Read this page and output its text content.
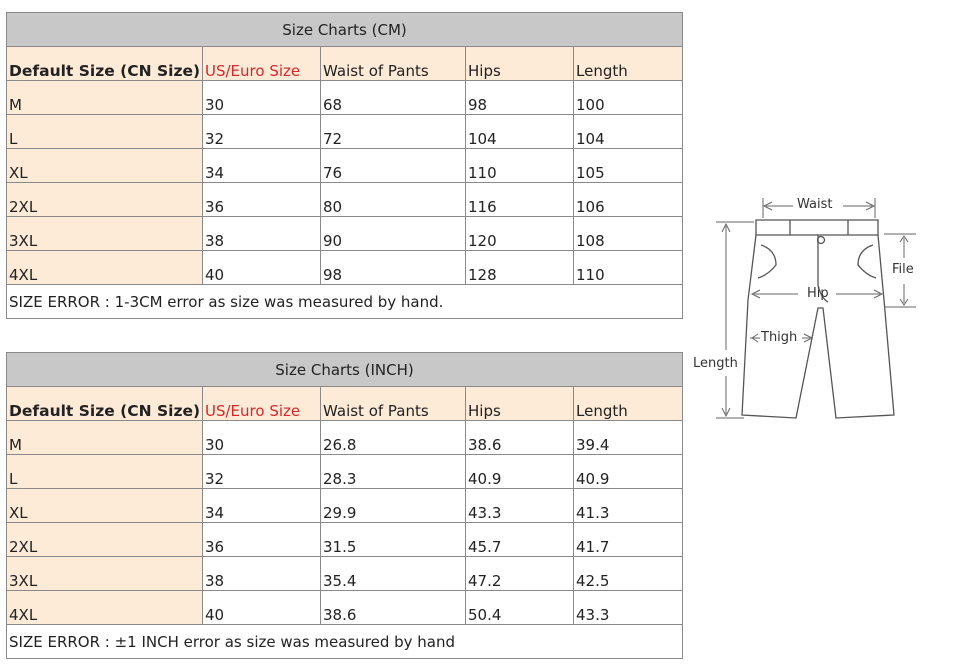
Size Charts (CM)				
Default Size (CN Size)	US/Euro Size	Waist of Pants	Hips	Length
M	30	68	98	100
L	32	72	104	104
XL	34	76	110	105
2XL	36	80	116	106
3XL	38	90	120	108
4XL	40	98	128	110
SIZE ERROR : 1-3CM error as size was measured by hand.				
Size Charts (INCH)				
Default Size (CN Size)	US/Euro Size	Waist of Pants	Hips	Length
M	30	26.8	38.6	39.4
L	32	28.3	40.9	40.9
XL	34	29.9	43.3	41.3
2XL	36	31.5	45.7	41.7
3XL	38	35.4	47.2	42.5
4XL	40	38.6	50.4	43.3
SIZE ERROR : ±1 INCH error as size was measured by hand				
Waist
File
Hip
Thigh
Length
